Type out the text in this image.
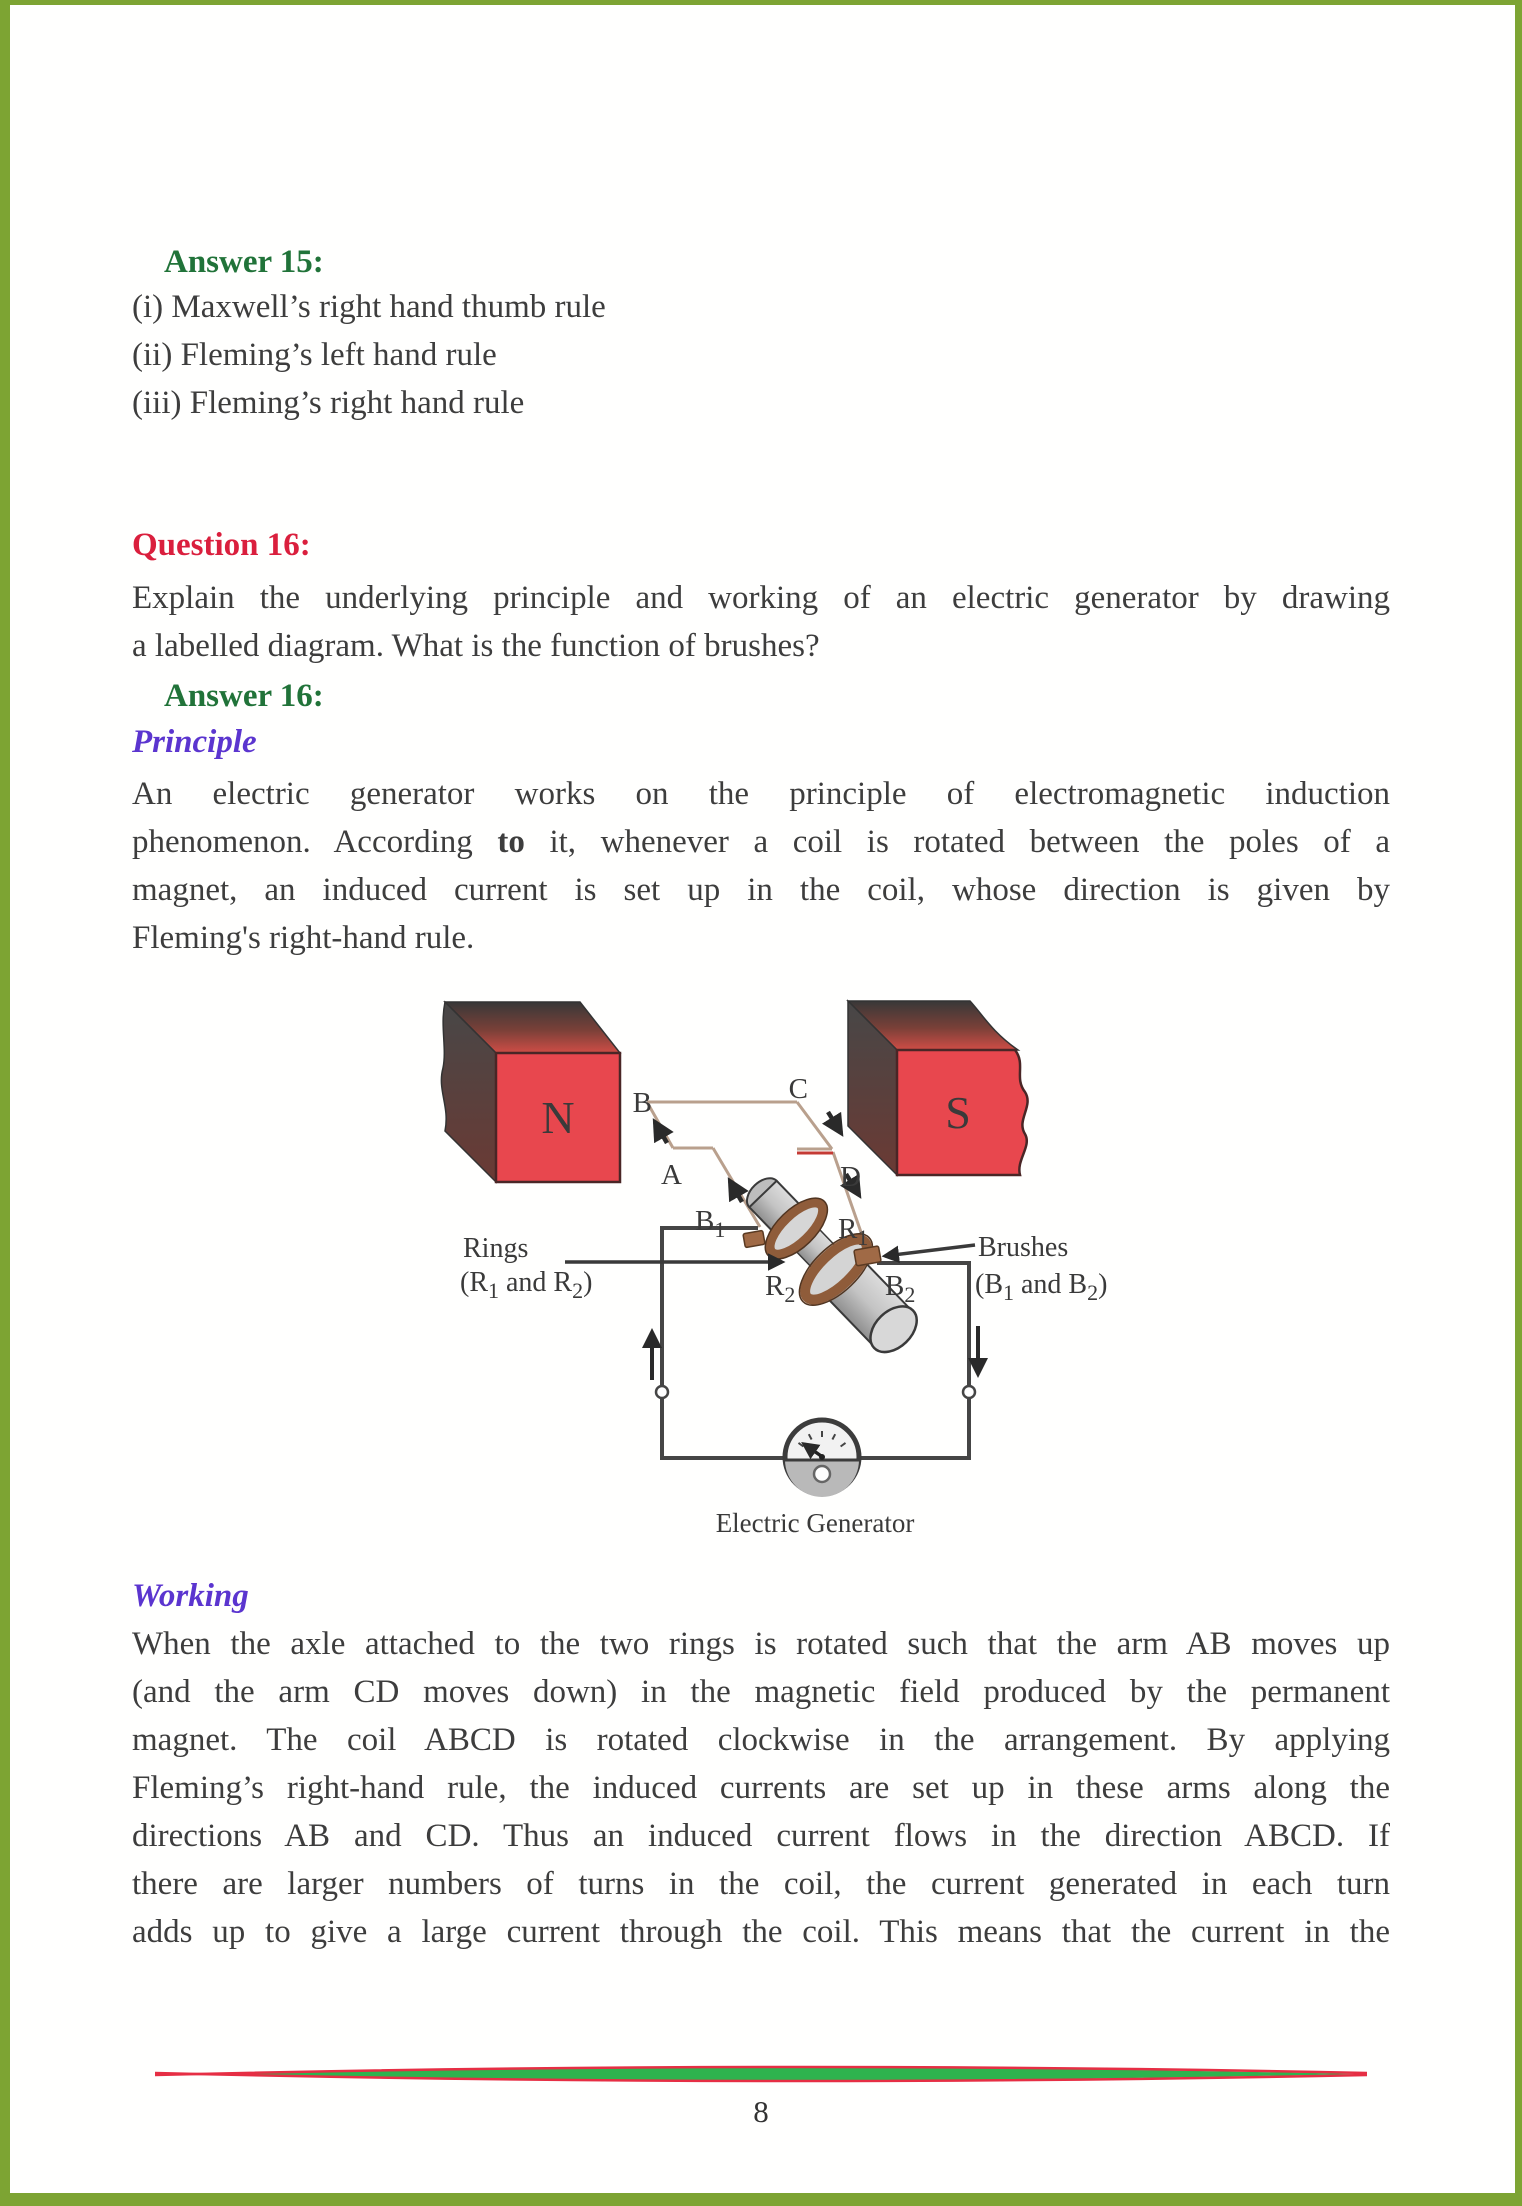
Answer 15:
(i) Maxwell’s right hand thumb rule
(ii) Fleming’s left hand rule
(iii) Fleming’s right hand rule
Question 16:
Explain the underlying principle and working of an electric generator by drawing
a labelled diagram. What is the function of brushes?
Answer 16:
Principle
An electric generator works on the principle of electromagnetic induction
phenomenon. According to it, whenever a coil is rotated between the poles of a
magnet, an induced current is set up in the coil, whose direction is given by
Fleming's right-hand rule.
N	S
B	C
A	D
$B_1$	$R_1$
$R_2$	$B_2$
Rings
($R_1$ and $R_2$)
Brushes
($B_1$ and $B_2$)
Electric Generator
Working
When the axle attached to the two rings is rotated such that the arm AB moves up
(and the arm CD moves down) in the magnetic field produced by the permanent
magnet. The coil ABCD is rotated clockwise in the arrangement. By applying
Fleming’s right-hand rule, the induced currents are set up in these arms along the
directions AB and CD. Thus an induced current flows in the direction ABCD. If
there are larger numbers of turns in the coil, the current generated in each turn
adds up to give a large current through the coil. This means that the current in the
8
